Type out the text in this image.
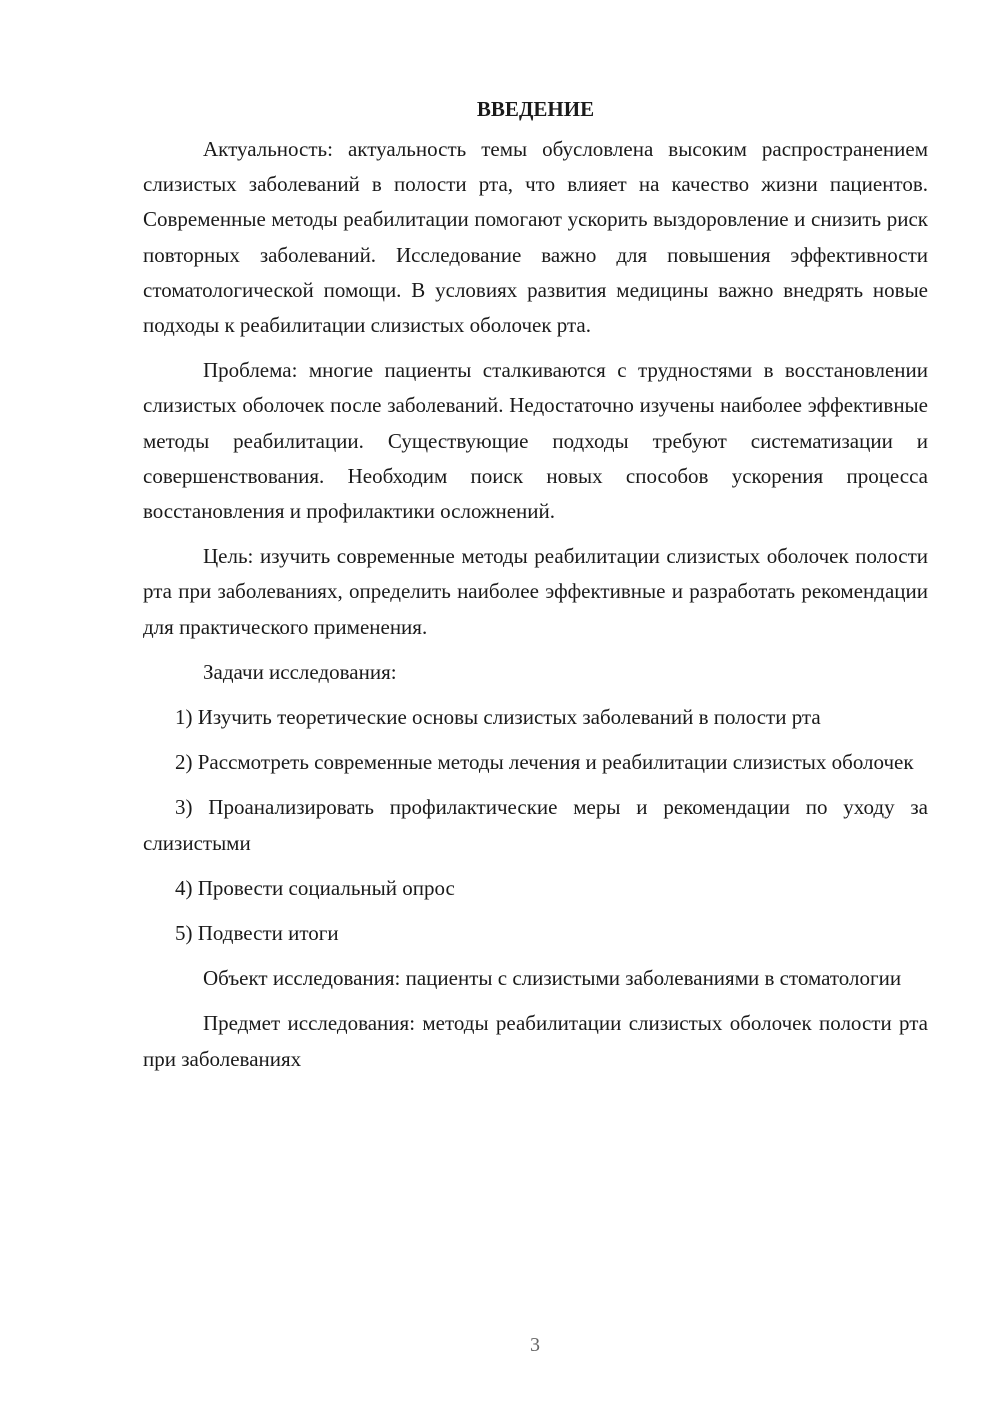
ВВЕДЕНИЕ

Актуальность: актуальность темы обусловлена высоким распространением слизистых заболеваний в полости рта, что влияет на качество жизни пациентов. Современные методы реабилитации помогают ускорить выздоровление и снизить риск повторных заболеваний. Исследование важно для повышения эффективности стоматологической помощи. В условиях развития медицины важно внедрять новые подходы к реабилитации слизистых оболочек рта.

Проблема: многие пациенты сталкиваются с трудностями в восстановлении слизистых оболочек после заболеваний. Недостаточно изучены наиболее эффективные методы реабилитации. Существующие подходы требуют систематизации и совершенствования. Необходим поиск новых способов ускорения процесса восстановления и профилактики осложнений.

Цель: изучить современные методы реабилитации слизистых оболочек полости рта при заболеваниях, определить наиболее эффективные и разработать рекомендации для практического применения.

Задачи исследования:

1) Изучить теоретические основы слизистых заболеваний в полости рта

2) Рассмотреть современные методы лечения и реабилитации слизистых оболочек

3) Проанализировать профилактические меры и рекомендации по уходу за слизистыми

4) Провести социальный опрос

5) Подвести итоги

Объект исследования: пациенты с слизистыми заболеваниями в стоматологии

Предмет исследования: методы реабилитации слизистых оболочек полости рта при заболеваниях

3
